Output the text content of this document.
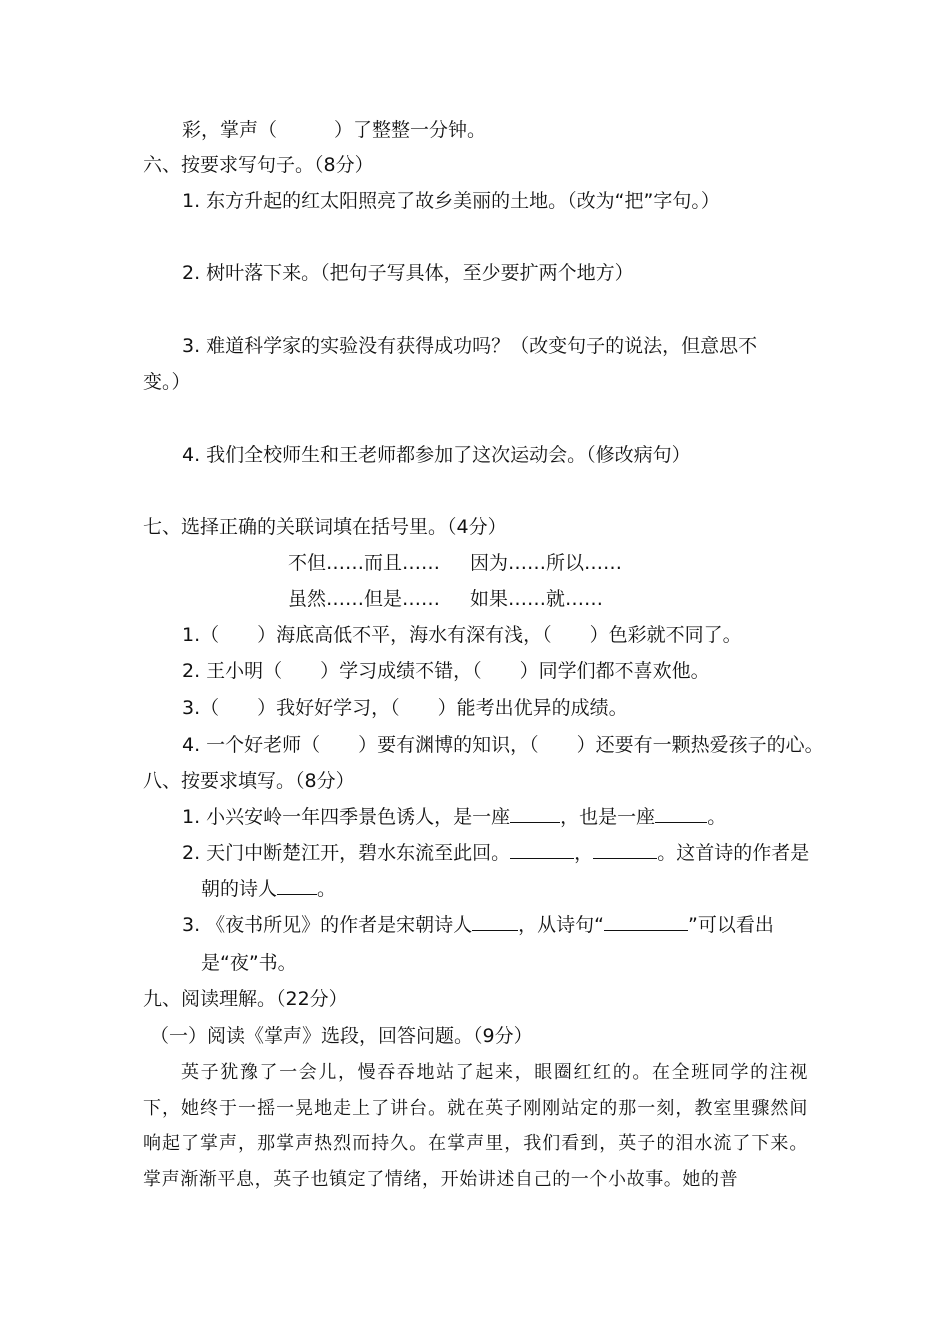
彩，掌声（　　　）了整整一分钟。
六、按要求写句子。（8分）
1. 东方升起的红太阳照亮了故乡美丽的土地。（改为“把”字句。）
2. 树叶落下来。（把句子写具体，至少要扩两个地方）
3. 难道科学家的实验没有获得成功吗？（改变句子的说法，但意思不
变。）
4. 我们全校师生和王老师都参加了这次运动会。（修改病句）
七、选择正确的关联词填在括号里。（4分）
不但……而且…… 因为……所以……
虽然……但是…… 如果……就……
1.（　　）海底高低不平，海水有深有浅，（　　）色彩就不同了。
2. 王小明（　　）学习成绩不错，（　　）同学们都不喜欢他。
3.（　　）我好好学习，（　　）能考出优异的成绩。
4. 一个好老师（　　）要有渊博的知识，（　　）还要有一颗热爱孩子的心。
八、按要求填写。（8分）
1. 小兴安岭一年四季景色诱人，是一座	，也是一座	。
2. 天门中断楚江开，碧水东流至此回。	，	。这首诗的作者是
朝的诗人 。
3. 《夜书所见》的作者是宋朝诗人 ，从诗句“	”可以看出
是“夜”书。
九、阅读理解。（22分）
（一）阅读《掌声》选段，回答问题。（9分）
英子犹豫了一会儿，慢吞吞地站了起来，眼圈红红的。在全班同学的注视下，她终于一摇一晃地走上了讲台。就在英子刚刚站定的那一刻，教室里骤然间响起了掌声，那掌声热烈而持久。在掌声里，我们看到，英子的泪水流了下来。掌声渐渐平息，英子也镇定了情绪，开始讲述自己的一个小故事。她的普
